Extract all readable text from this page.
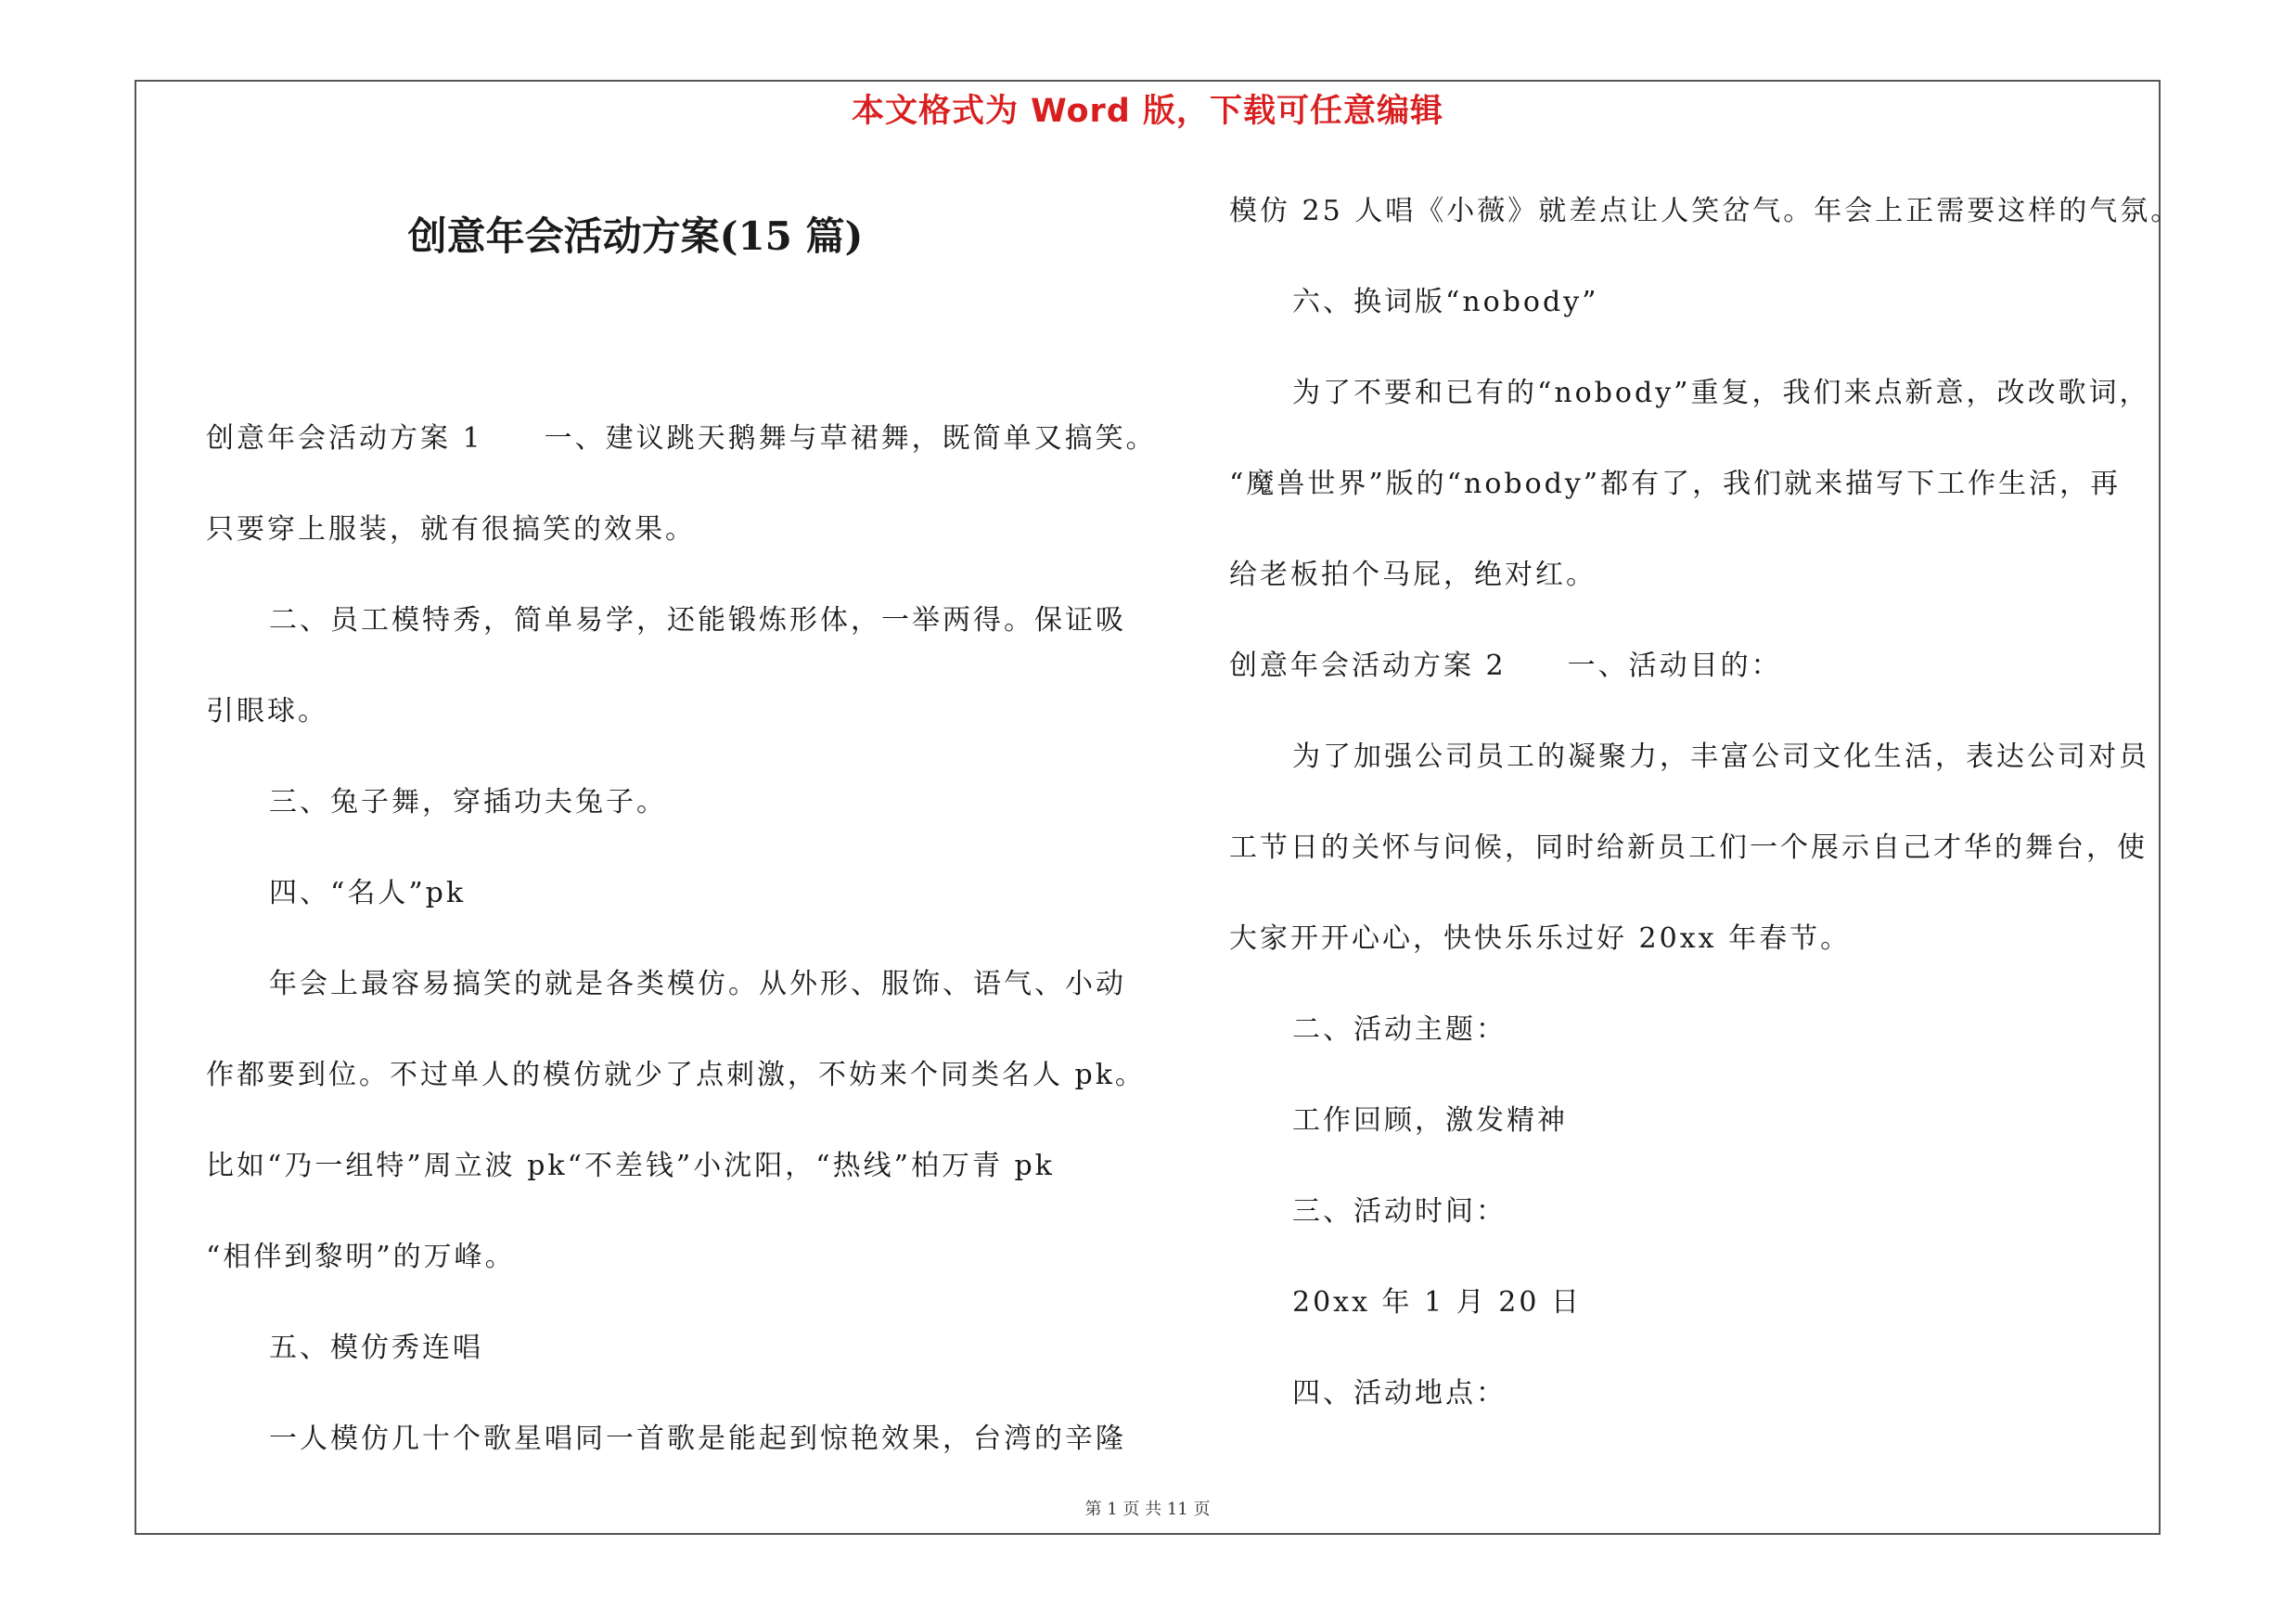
本文格式为 Word 版，下载可任意编辑
创意年会活动方案(15 篇)
创意年会活动方案 1　　一、建议跳天鹅舞与草裙舞，既简单又搞笑。
只要穿上服装，就有很搞笑的效果。
二、员工模特秀，简单易学，还能锻炼形体，一举两得。保证吸
引眼球。
三、兔子舞，穿插功夫兔子。
四、“名人”pk
年会上最容易搞笑的就是各类模仿。从外形、服饰、语气、小动
作都要到位。不过单人的模仿就少了点刺激，不妨来个同类名人 pk。
比如“乃一组特”周立波 pk“不差钱”小沈阳，“热线”柏万青 pk
“相伴到黎明”的万峰。
五、模仿秀连唱
一人模仿几十个歌星唱同一首歌是能起到惊艳效果，台湾的辛隆
模仿 25 人唱《小薇》就差点让人笑岔气。年会上正需要这样的气氛。
六、换词版“nobody”
为了不要和已有的“nobody”重复，我们来点新意，改改歌词，
“魔兽世界”版的“nobody”都有了，我们就来描写下工作生活，再
给老板拍个马屁，绝对红。
创意年会活动方案 2　　一、活动目的：
为了加强公司员工的凝聚力，丰富公司文化生活，表达公司对员
工节日的关怀与问候，同时给新员工们一个展示自己才华的舞台，使
大家开开心心，快快乐乐过好 20xx 年春节。
二、活动主题：
工作回顾，激发精神
三、活动时间：
20xx 年 1 月 20 日
四、活动地点：
第 1 页 共 11 页
